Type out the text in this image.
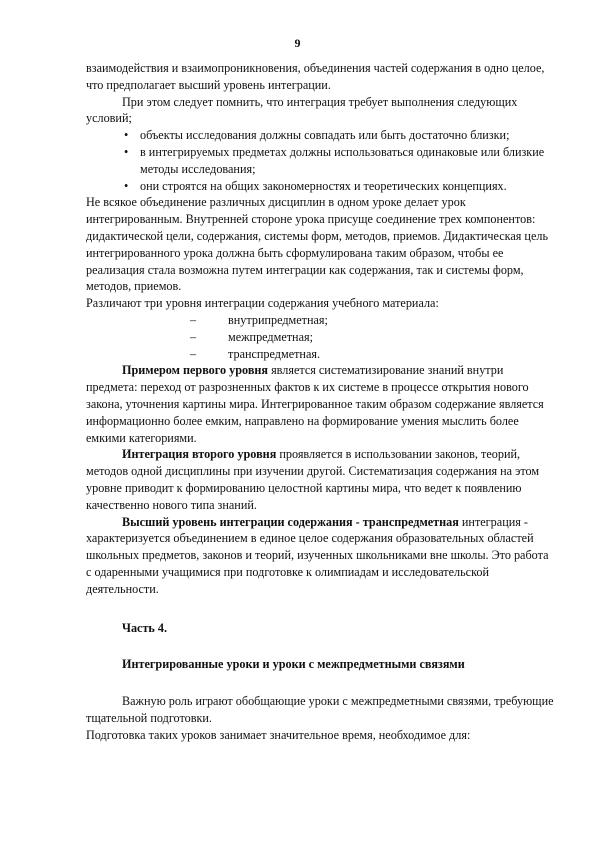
9

взаимодействия и взаимопроникновения, объединения частей содержания в одно целое, что предполагает высший уровень интеграции.

При этом следует помнить, что интеграция требует выполнения следующих условий;

• объекты исследования должны совпадать или быть достаточно близки;
• в интегрируемых предметах должны использоваться одинаковые или близкие методы исследования;
• они строятся на общих закономерностях и теоретических концепциях.

Не всякое объединение различных дисциплин в одном уроке делает урок интегрированным. Внутренней стороне урока присуще соединение трех компонентов: дидактической цели, содержания, системы форм, методов, приемов. Дидактическая цель интегрированного урока должна быть сформулирована таким образом, чтобы ее реализация стала возможна путем интеграции как содержания, так и системы форм, методов, приемов.

Различают три уровня интеграции содержания учебного материала:

– внутрипредметная;
– межпредметная;
– транспредметная.

Примером первого уровня является систематизирование знаний внутри предмета: переход от разрозненных фактов к их системе в процессе открытия нового закона, уточнения картины мира. Интегрированное таким образом содержание является информационно более емким, направлено на формирование умения мыслить более емкими категориями.

Интеграция второго уровня проявляется в использовании законов, теорий, методов одной дисциплины при изучении другой. Систематизация содержания на этом уровне приводит к формированию целостной картины мира, что ведет к появлению качественно нового типа знаний.

Высший уровень интеграции содержания - транспредметная интеграция - характеризуется объединением в единое целое содержания образовательных областей школьных предметов, законов и теорий, изученных школьниками вне школы. Это работа с одаренными учащимися при подготовке к олимпиадам и исследовательской деятельности.

Часть 4.

Интегрированные уроки и уроки с межпредметными связями

Важную роль играют обобщающие уроки с межпредметными связями, требующие тщательной подготовки.

Подготовка таких уроков занимает значительное время, необходимое для:
